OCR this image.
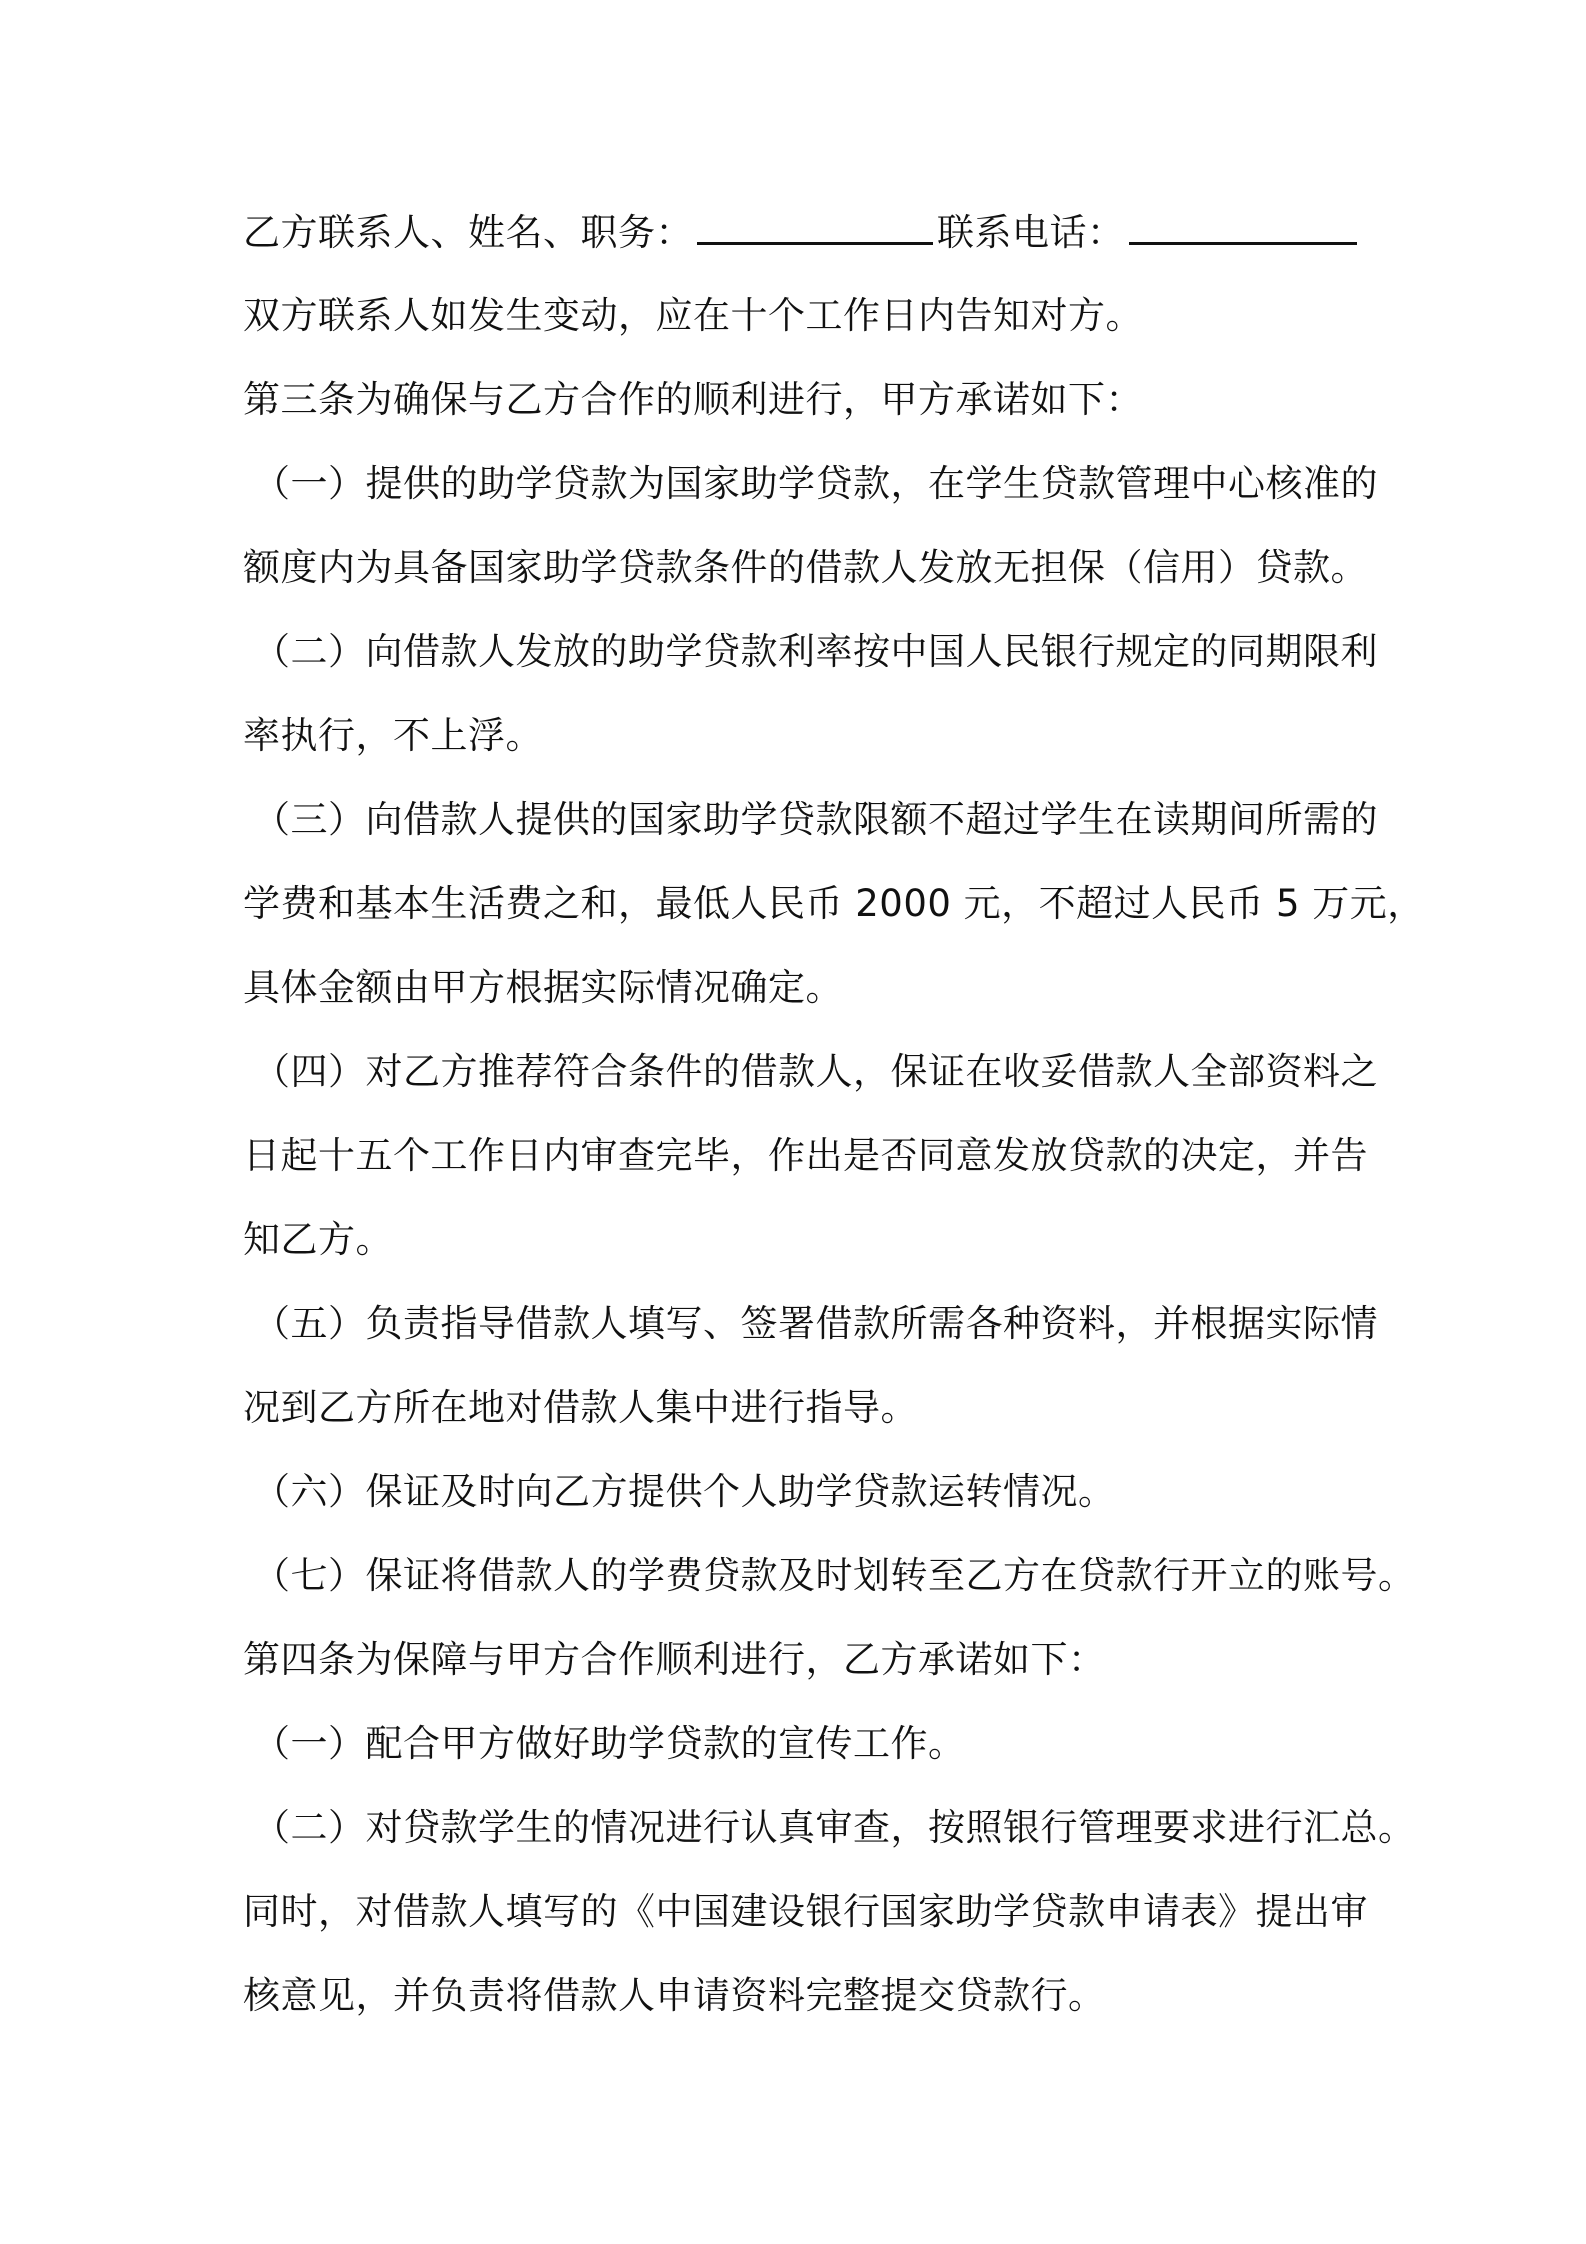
乙方联系人、姓名、职务：	联系电话：
双方联系人如发生变动，应在十个工作日内告知对方。
第三条为确保与乙方合作的顺利进行，甲方承诺如下：
（一）提供的助学贷款为国家助学贷款，在学生贷款管理中心核准的
额度内为具备国家助学贷款条件的借款人发放无担保（信用）贷款。
（二）向借款人发放的助学贷款利率按中国人民银行规定的同期限利
率执行，不上浮。
（三）向借款人提供的国家助学贷款限额不超过学生在读期间所需的
学费和基本生活费之和，最低人民币 2000 元，不超过人民币 5 万元，
具体金额由甲方根据实际情况确定。
（四）对乙方推荐符合条件的借款人，保证在收妥借款人全部资料之
日起十五个工作日内审查完毕，作出是否同意发放贷款的决定，并告
知乙方。
（五）负责指导借款人填写、签署借款所需各种资料，并根据实际情
况到乙方所在地对借款人集中进行指导。
（六）保证及时向乙方提供个人助学贷款运转情况。
（七）保证将借款人的学费贷款及时划转至乙方在贷款行开立的账号。
第四条为保障与甲方合作顺利进行，乙方承诺如下：
（一）配合甲方做好助学贷款的宣传工作。
（二）对贷款学生的情况进行认真审查，按照银行管理要求进行汇总。
同时，对借款人填写的《中国建设银行国家助学贷款申请表》提出审
核意见，并负责将借款人申请资料完整提交贷款行。
